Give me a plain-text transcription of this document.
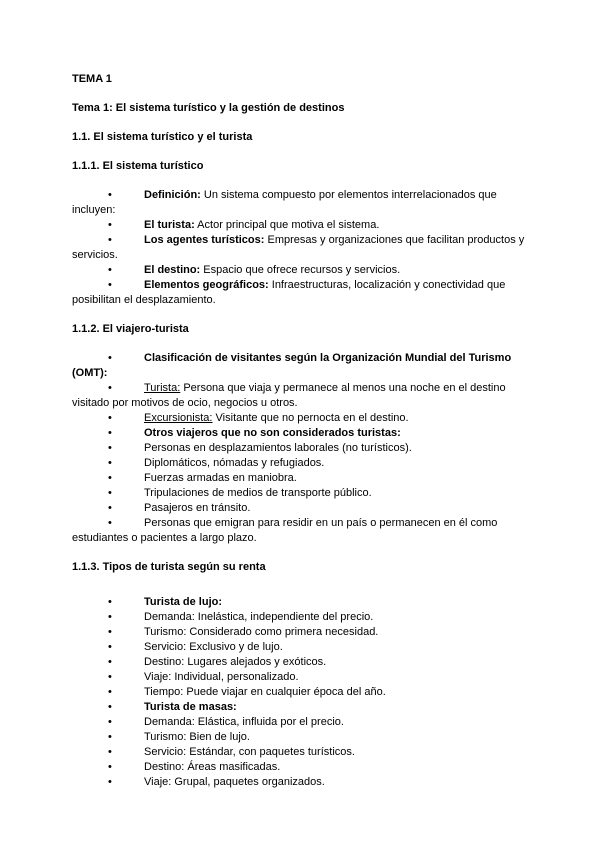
TEMA 1
Tema 1: El sistema turístico y la gestión de destinos
1.1. El sistema turístico y el turista
1.1.1. El sistema turístico
•	Definición: Un sistema compuesto por elementos interrelacionados que incluyen:
•	El turista: Actor principal que motiva el sistema.
•	Los agentes turísticos: Empresas y organizaciones que facilitan productos y servicios.
•	El destino: Espacio que ofrece recursos y servicios.
•	Elementos geográficos: Infraestructuras, localización y conectividad que posibilitan el desplazamiento.
1.1.2. El viajero-turista
•	Clasificación de visitantes según la Organización Mundial del Turismo (OMT):
•	Turista: Persona que viaja y permanece al menos una noche en el destino visitado por motivos de ocio, negocios u otros.
•	Excursionista: Visitante que no pernocta en el destino.
•	Otros viajeros que no son considerados turistas:
•	Personas en desplazamientos laborales (no turísticos).
•	Diplomáticos, nómadas y refugiados.
•	Fuerzas armadas en maniobra.
•	Tripulaciones de medios de transporte público.
•	Pasajeros en tránsito.
•	Personas que emigran para residir en un país o permanecen en él como estudiantes o pacientes a largo plazo.
1.1.3. Tipos de turista según su renta
•	Turista de lujo:
•	Demanda: Inelástica, independiente del precio.
•	Turismo: Considerado como primera necesidad.
•	Servicio: Exclusivo y de lujo.
•	Destino: Lugares alejados y exóticos.
•	Viaje: Individual, personalizado.
•	Tiempo: Puede viajar en cualquier época del año.
•	Turista de masas:
•	Demanda: Elástica, influida por el precio.
•	Turismo: Bien de lujo.
•	Servicio: Estándar, con paquetes turísticos.
•	Destino: Áreas masificadas.
•	Viaje: Grupal, paquetes organizados.
